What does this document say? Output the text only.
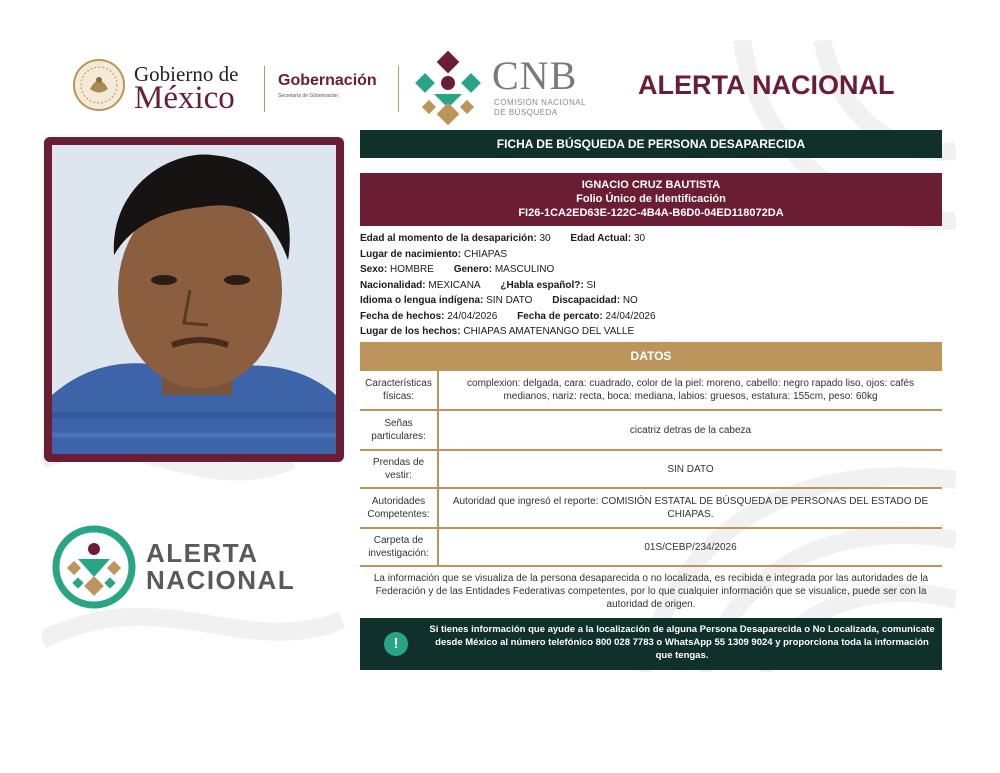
Gobierno de
México	Gobernación
Secretaría de Gobernación	CNB
COMISIÓN NACIONAL
DE BÚSQUEDA
ALERTA NACIONAL
ALERTA
NACIONAL
FICHA DE BÚSQUEDA DE PERSONA DESAPARECIDA
IGNACIO CRUZ BAUTISTA
Folio Único de Identificación
FI26-1CA2ED63E-122C-4B4A-B6D0-04ED118072DA
Edad al momento de la desaparición: 30 Edad Actual: 30
Lugar de nacimiento: CHIAPAS
Sexo: HOMBRE Genero: MASCULINO
Nacionalidad: MEXICANA ¿Habla español?: SI
Idioma o lengua indígena: SIN DATO Discapacidad: NO
Fecha de hechos: 24/04/2026 Fecha de percato: 24/04/2026
Lugar de los hechos: CHIAPAS AMATENANGO DEL VALLE
DATOS
Características físicas:
complexion: delgada, cara: cuadrado, color de la piel: moreno, cabello: negro rapado liso, ojos: cafés medianos, nariz: recta, boca: mediana, labios: gruesos, estatura: 155cm, peso: 60kg
Señas particulares:
cicatriz detras de la cabeza
Prendas de vestir:
SIN DATO
Autoridades Competentes:
Autoridad que ingresó el reporte: COMISIÓN ESTATAL DE BÚSQUEDA DE PERSONAS DEL ESTADO DE CHIAPAS.
Carpeta de investigación:
01S/CEBP/234/2026
La información que se visualiza de la persona desaparecida o no localizada, es recibida e integrada por las autoridades de la Federación y de las Entidades Federativas competentes, por lo que cualquier información que se visualice, puede ser con la autoridad de origen.
!
Si tienes información que ayude a la localización de alguna Persona Desaparecida o No Localizada, comunicate desde México al número telefónico 800 028 7783 o WhatsApp 55 1309 9024 y proporciona toda la información que tengas.
